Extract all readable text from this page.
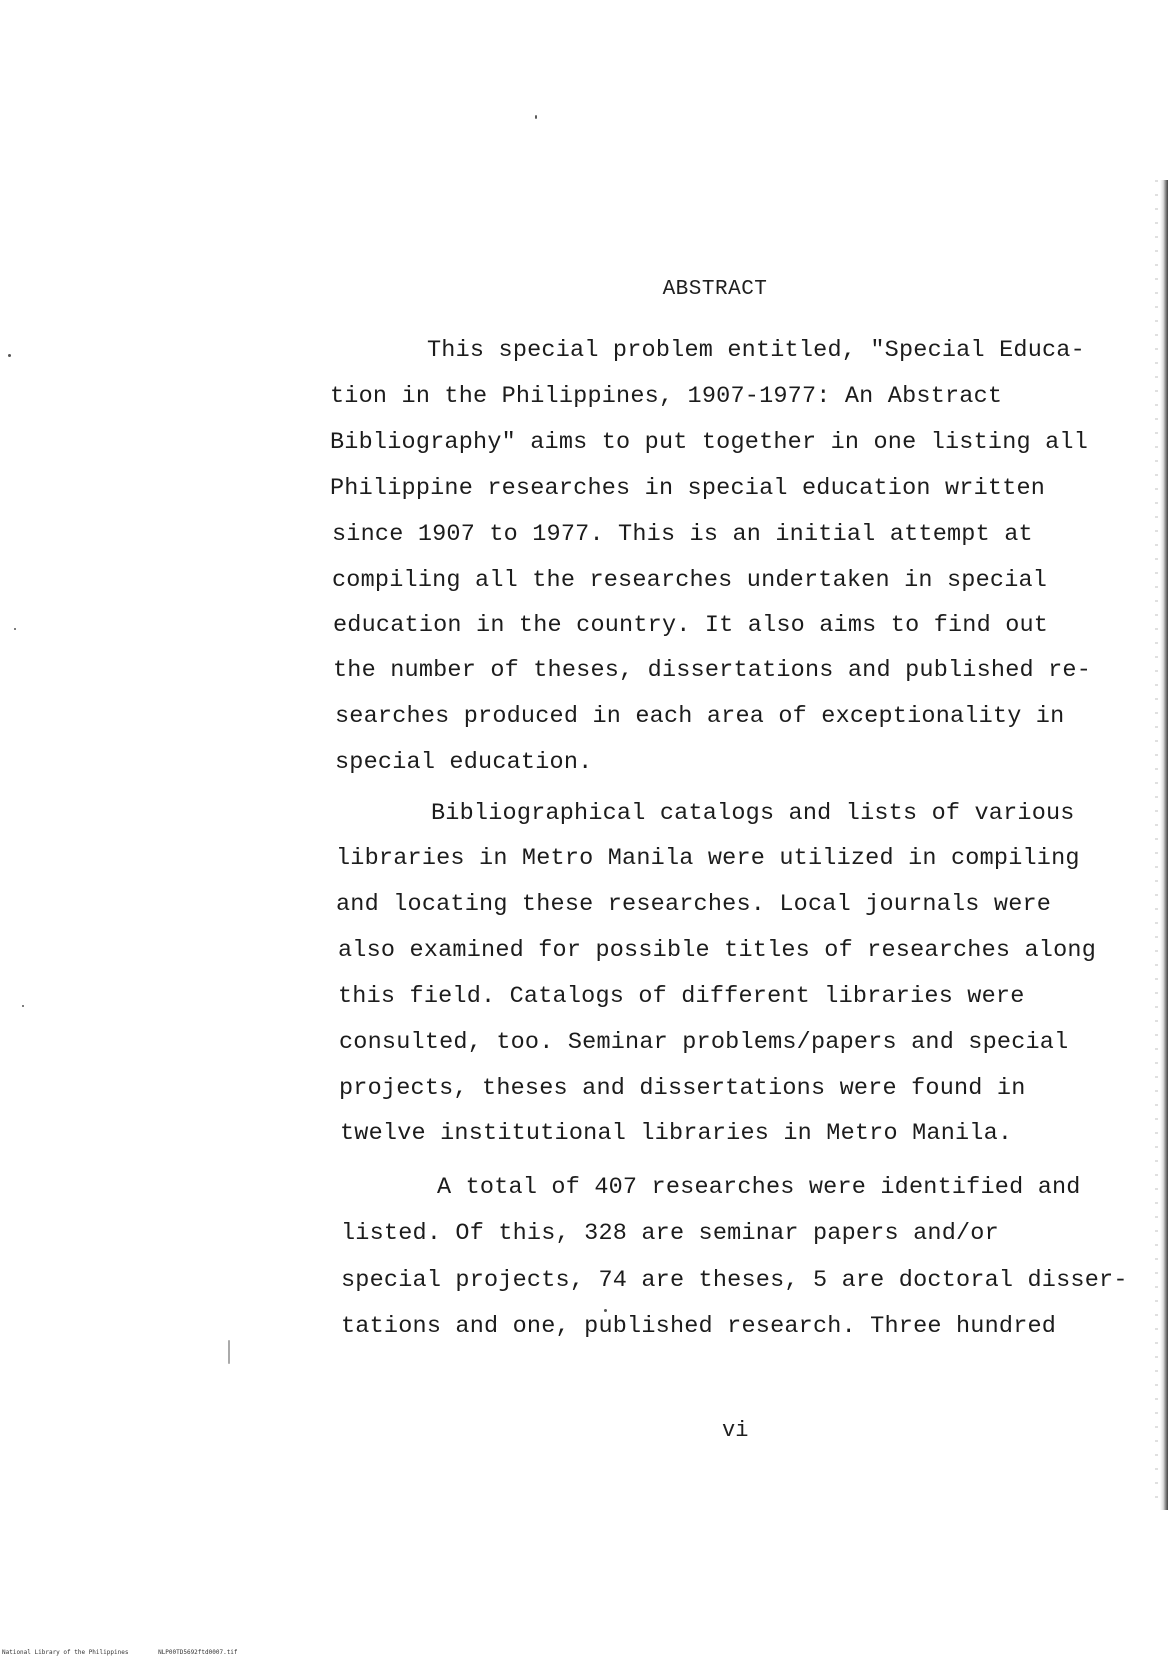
ABSTRACT
This special problem entitled, "Special Educa-
tion in the Philippines, 1907-1977: An Abstract
Bibliography" aims to put together in one listing all
Philippine researches in special education written
since 1907 to 1977. This is an initial attempt at
compiling all the researches undertaken in special
education in the country. It also aims to find out
the number of theses, dissertations and published re-
searches produced in each area of exceptionality in
special education.
Bibliographical catalogs and lists of various
libraries in Metro Manila were utilized in compiling
and locating these researches. Local journals were
also examined for possible titles of researches along
this field. Catalogs of different libraries were
consulted, too. Seminar problems/papers and special
projects, theses and dissertations were found in
twelve institutional libraries in Metro Manila.
A total of 407 researches were identified and
listed. Of this, 328 are seminar papers and/or
special projects, 74 are theses, 5 are doctoral disser-
tations and one, published research. Three hundred
vi
National Library of the Philippines	NLP00TD5692ftd0007.tif
